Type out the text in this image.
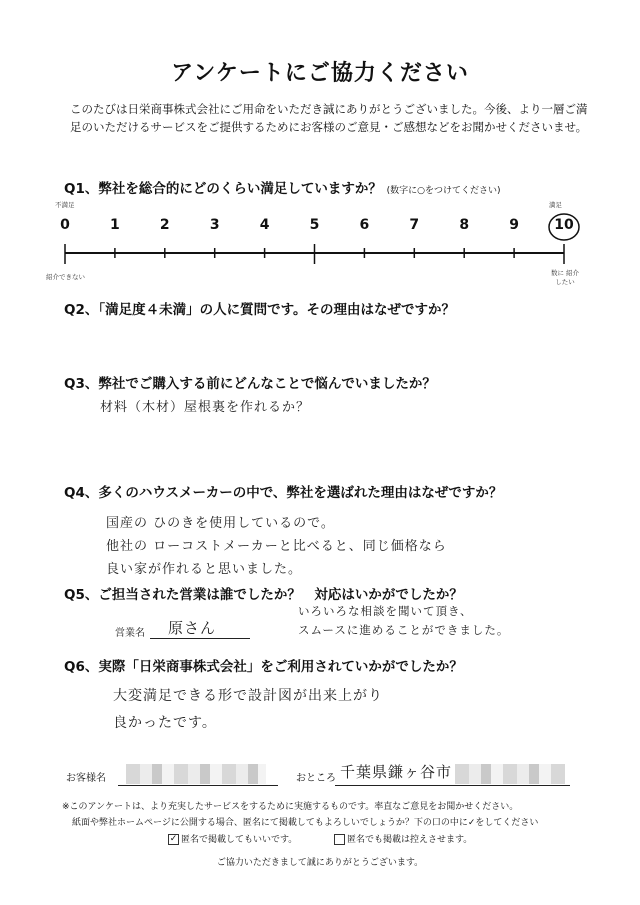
アンケートにご協力ください
このたびは日栄商事株式会社にご用命をいただき誠にありがとうございました。今後、より一層ご満足のいただけるサービスをご提供するためにお客様のご意見・ご感想などをお聞かせくださいませ。
Q1、弊社を総合的にどのくらい満足していますか？ (数字に○をつけてください)
不満足	満足
0	1	2	3	4	5	6	7	8	9	10
紹介できない	数に 紹介したい
Q2、「満足度４未満」の人に質問です。その理由はなぜですか？
Q3、弊社でご購入する前にどんなことで悩んでいましたか？
材料（木材）屋根裏を作れるか？
Q4、多くのハウスメーカーの中で、弊社を選ばれた理由はなぜですか？
国産の ひのきを使用しているので。
他社の ローコストメーカーと比べると、同じ価格なら
良い家が作れると思いました。
Q5、ご担当された営業は誰でしたか？　対応はいかがでしたか？
営業名 原さん
いろいろな相談を聞いて頂き、
スムースに進めることができました。
Q6、実際「日栄商事株式会社」をご利用されていかがでしたか？
大変満足できる形で設計図が出来上がり
良かったです。
お客様名	おところ 千葉県鎌ヶ谷市
※このアンケートは、より充実したサービスをするために実施するものです。率直なご意見をお聞かせください。
紙面や弊社ホームページに公開する場合、匿名にて掲載してもよろしいでしょうか？下の口の中に✓をしてください
✓ 匿名で掲載してもいいです。	匿名でも掲載は控えさせます。
ご協力いただきまして誠にありがとうございます。
